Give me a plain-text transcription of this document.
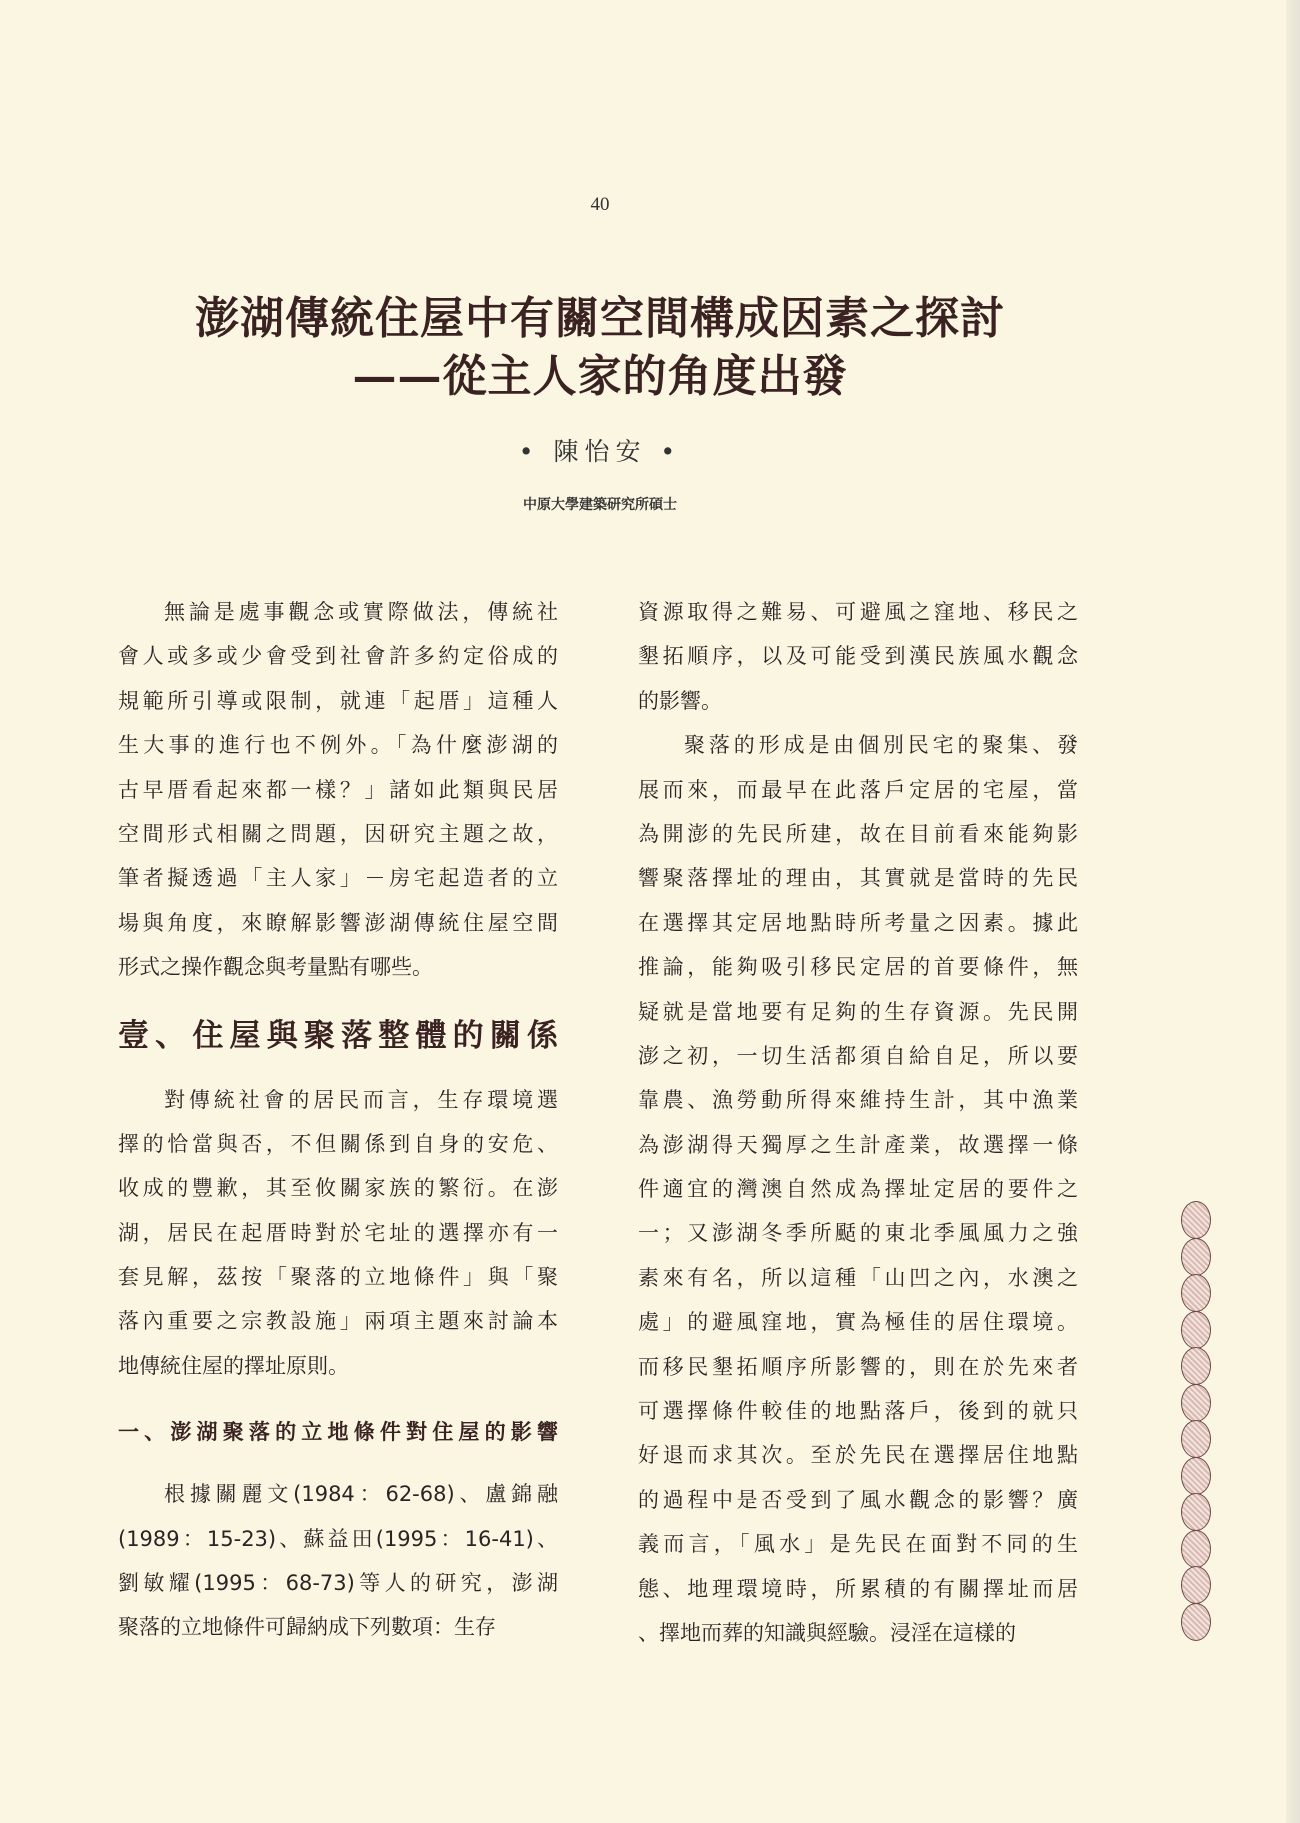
40
澎湖傳統住屋中有關空間構成因素之探討
——從主人家的角度出發
• 陳怡安 •
中原大學建築研究所碩士
無論是處事觀念或實際做法，傳統社
會人或多或少會受到社會許多約定俗成的
規範所引導或限制，就連「起厝」這種人
生大事的進行也不例外。「為什麼澎湖的
古早厝看起來都一樣？」諸如此類與民居
空間形式相關之問題，因研究主題之故，
筆者擬透過「主人家」－房宅起造者的立
場與角度，來瞭解影響澎湖傳統住屋空間
形式之操作觀念與考量點有哪些。
壹、住屋與聚落整體的關係
對傳統社會的居民而言，生存環境選
擇的恰當與否，不但關係到自身的安危、
收成的豐歉，其至攸關家族的繁衍。在澎
湖，居民在起厝時對於宅址的選擇亦有一
套見解，茲按「聚落的立地條件」與「聚
落內重要之宗教設施」兩項主題來討論本
地傳統住屋的擇址原則。
一、澎湖聚落的立地條件對住屋的影響
根據關麗文(1984：62-68)、盧錦融
(1989：15-23)、蘇益田(1995：16-41)、
劉敏耀(1995：68-73)等人的研究，澎湖
聚落的立地條件可歸納成下列數項：生存
資源取得之難易、可避風之窪地、移民之
墾拓順序，以及可能受到漢民族風水觀念
的影響。
聚落的形成是由個別民宅的聚集、發
展而來，而最早在此落戶定居的宅屋，當
為開澎的先民所建，故在目前看來能夠影
響聚落擇址的理由，其實就是當時的先民
在選擇其定居地點時所考量之因素。據此
推論，能夠吸引移民定居的首要條件，無
疑就是當地要有足夠的生存資源。先民開
澎之初，一切生活都須自給自足，所以要
靠農、漁勞動所得來維持生計，其中漁業
為澎湖得天獨厚之生計產業，故選擇一條
件適宜的灣澳自然成為擇址定居的要件之
一；又澎湖冬季所颳的東北季風風力之強
素來有名，所以這種「山凹之內，水澳之
處」的避風窪地，實為極佳的居住環境。
而移民墾拓順序所影響的，則在於先來者
可選擇條件較佳的地點落戶，後到的就只
好退而求其次。至於先民在選擇居住地點
的過程中是否受到了風水觀念的影響？廣
義而言，「風水」是先民在面對不同的生
態、地理環境時，所累積的有關擇址而居
、擇地而葬的知識與經驗。浸淫在這樣的
